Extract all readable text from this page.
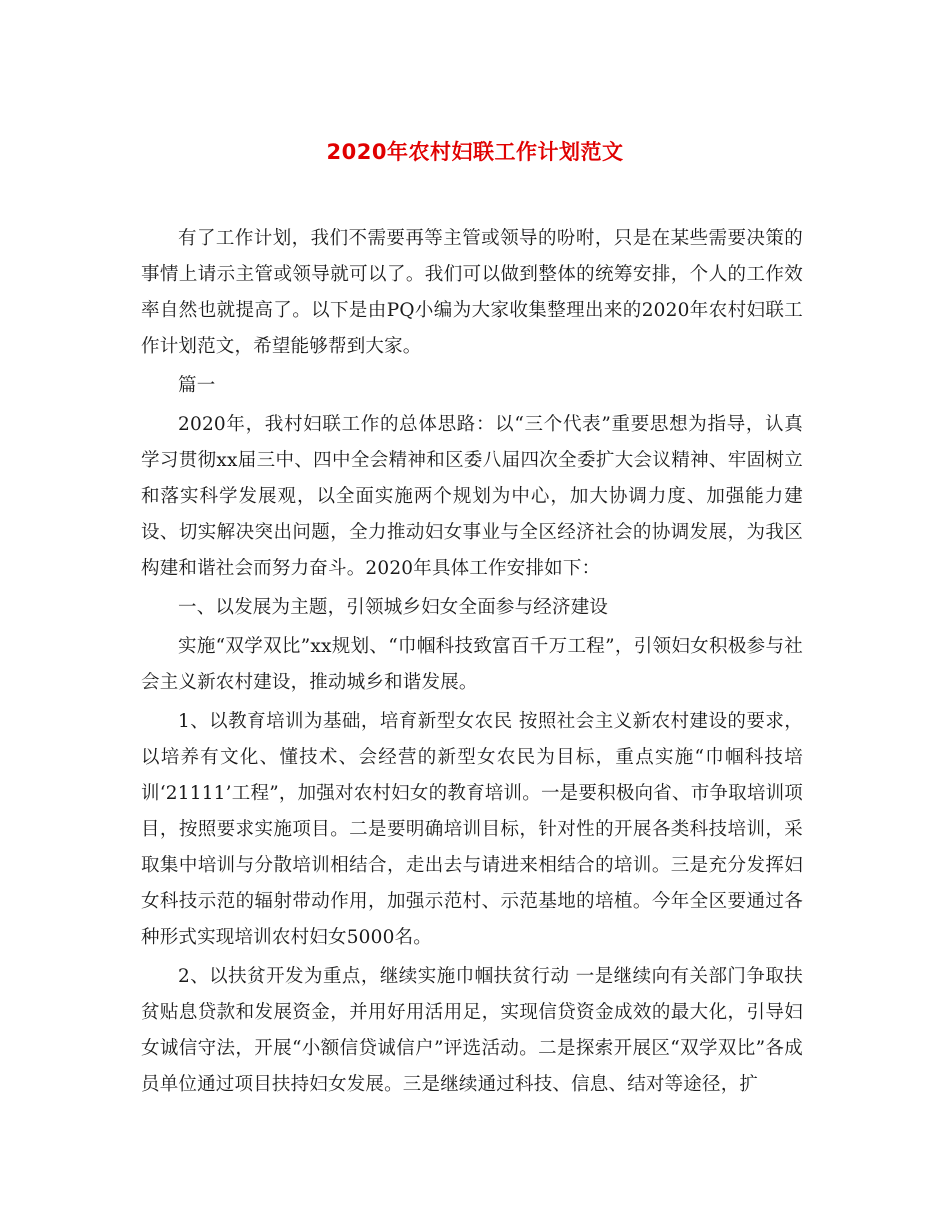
2020年农村妇联工作计划范文

有了工作计划，我们不需要再等主管或领导的吩咐，只是在某些需要决策的事情上请示主管或领导就可以了。我们可以做到整体的统筹安排，个人的工作效率自然也就提高了。以下是由PQ小编为大家收集整理出来的2020年农村妇联工作计划范文，希望能够帮到大家。

篇一

2020年，我村妇联工作的总体思路：以“三个代表”重要思想为指导，认真学习贯彻xx届三中、四中全会精神和区委八届四次全委扩大会议精神、牢固树立和落实科学发展观，以全面实施两个规划为中心，加大协调力度、加强能力建设、切实解决突出问题，全力推动妇女事业与全区经济社会的协调发展，为我区构建和谐社会而努力奋斗。2020年具体工作安排如下：

一、以发展为主题，引领城乡妇女全面参与经济建设

实施“双学双比”xx规划、“巾帼科技致富百千万工程”，引领妇女积极参与社会主义新农村建设，推动城乡和谐发展。

1、以教育培训为基础，培育新型女农民 按照社会主义新农村建设的要求，以培养有文化、懂技术、会经营的新型女农民为目标，重点实施“巾帼科技培训‘21111’工程”，加强对农村妇女的教育培训。一是要积极向省、市争取培训项目，按照要求实施项目。二是要明确培训目标，针对性的开展各类科技培训，采取集中培训与分散培训相结合，走出去与请进来相结合的培训。三是充分发挥妇女科技示范的辐射带动作用，加强示范村、示范基地的培植。今年全区要通过各种形式实现培训农村妇女5000名。

2、以扶贫开发为重点，继续实施巾帼扶贫行动 一是继续向有关部门争取扶贫贴息贷款和发展资金，并用好用活用足，实现信贷资金成效的最大化，引导妇女诚信守法，开展“小额信贷诚信户”评选活动。二是探索开展区“双学双比”各成员单位通过项目扶持妇女发展。三是继续通过科技、信息、结对等途径，扩
